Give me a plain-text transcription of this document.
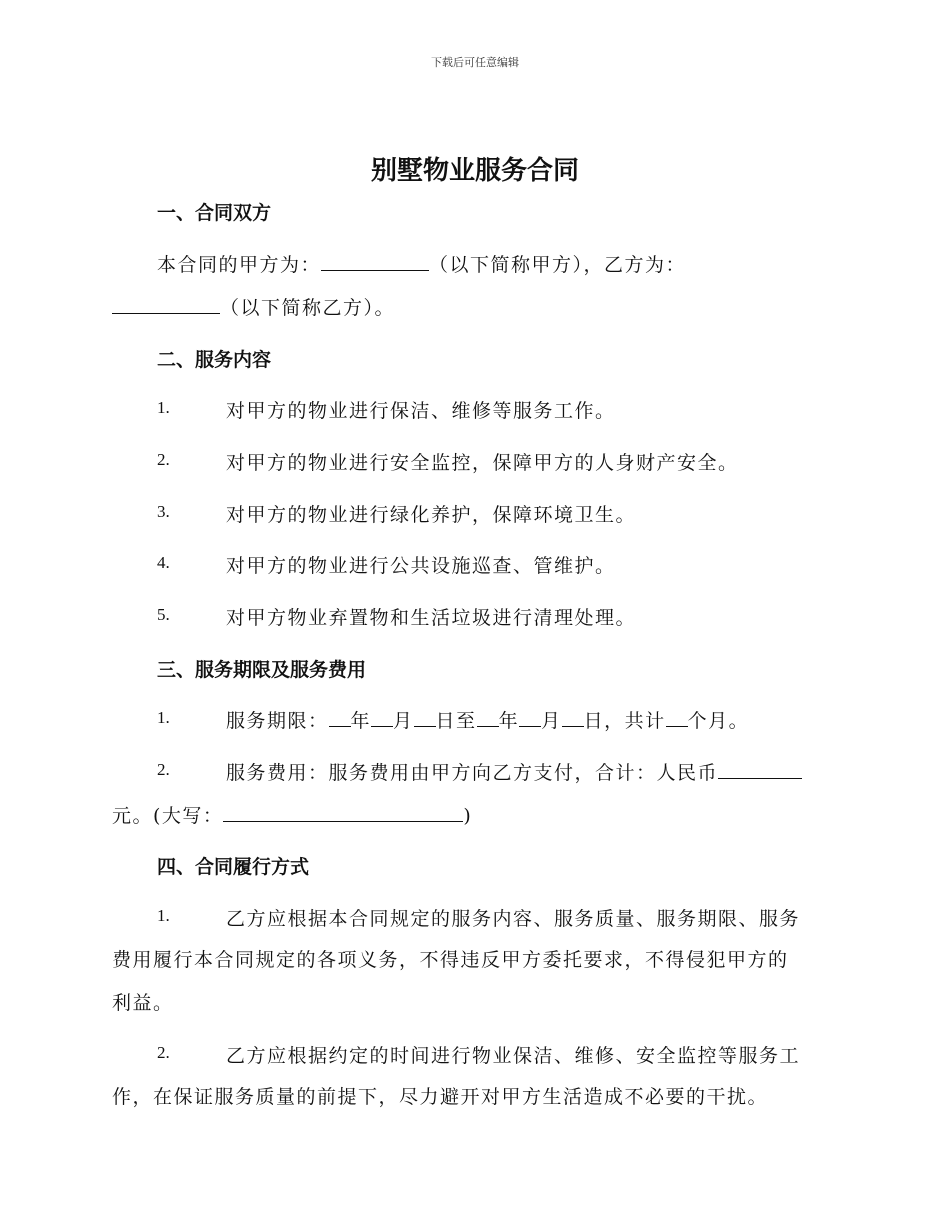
下载后可任意编辑
别墅物业服务合同
一、合同双方
本合同的甲方为：	（以下简称甲方），乙方为：
（以下简称乙方）。
二、服务内容
1.	对甲方的物业进行保洁、维修等服务工作。
2.	对甲方的物业进行安全监控，保障甲方的人身财产安全。
3.	对甲方的物业进行绿化养护，保障环境卫生。
4.	对甲方的物业进行公共设施巡查、管维护。
5.	对甲方物业弃置物和生活垃圾进行清理处理。
三、服务期限及服务费用
1.	服务期限： 年 月 日至 年 月 日，共计 个月。
2.	服务费用：服务费用由甲方向乙方支付，合计：人民币
元。(大写：	)
四、合同履行方式
1.	乙方应根据本合同规定的服务内容、服务质量、服务期限、服务
费用履行本合同规定的各项义务，不得违反甲方委托要求，不得侵犯甲方的
利益。
2.	乙方应根据约定的时间进行物业保洁、维修、安全监控等服务工
作，在保证服务质量的前提下，尽力避开对甲方生活造成不必要的干扰。
